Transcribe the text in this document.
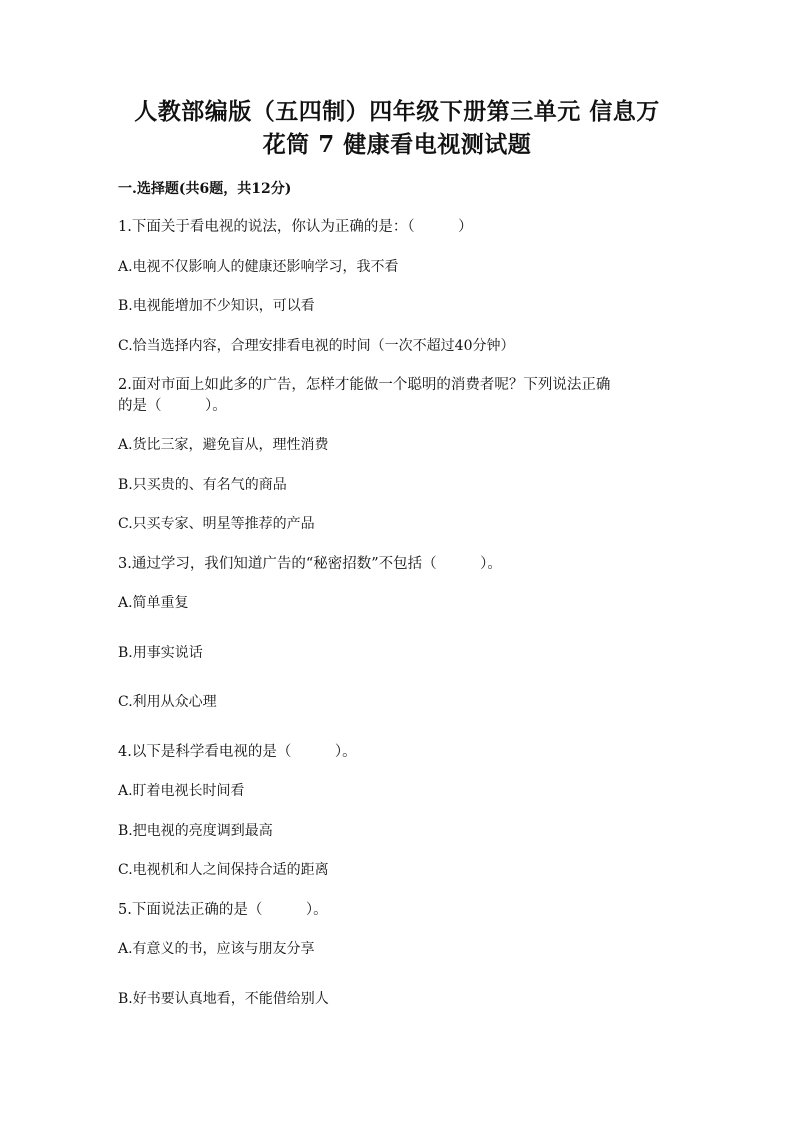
人教部编版（五四制）四年级下册第三单元 信息万
花筒 7 健康看电视测试题
一.选择题(共6题，共12分)
1.下面关于看电视的说法，你认为正确的是：（　　　）
A.电视不仅影响人的健康还影响学习，我不看
B.电视能增加不少知识，可以看
C.恰当选择内容，合理安排看电视的时间（一次不超过40分钟）
2.面对市面上如此多的广告，怎样才能做一个聪明的消费者呢？下列说法正确
的是（　　　）。
A.货比三家，避免盲从，理性消费
B.只买贵的、有名气的商品
C.只买专家、明星等推荐的产品
3.通过学习，我们知道广告的“秘密招数”不包括（　　　）。
A.简单重复
B.用事实说话
C.利用从众心理
4.以下是科学看电视的是（　　　）。
A.盯着电视长时间看
B.把电视的亮度调到最高
C.电视机和人之间保持合适的距离
5.下面说法正确的是（　　　）。
A.有意义的书，应该与朋友分享
B.好书要认真地看，不能借给别人
